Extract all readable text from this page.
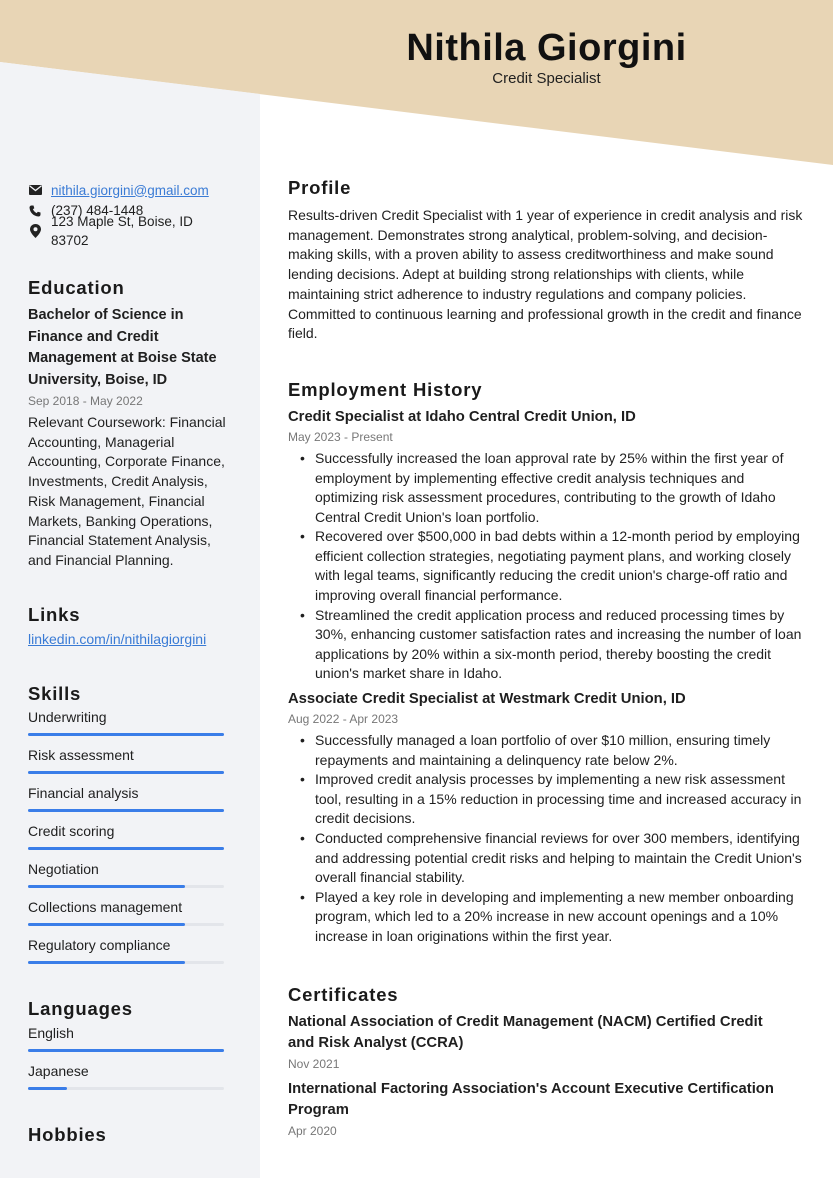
Nithila Giorgini
Credit Specialist
nithila.giorgini@gmail.com
(237) 484-1448
123 Maple St, Boise, ID 83702
Education
Bachelor of Science in Finance and Credit Management at Boise State University, Boise, ID
Sep 2018 - May 2022
Relevant Coursework: Financial Accounting, Managerial Accounting, Corporate Finance, Investments, Credit Analysis, Risk Management, Financial Markets, Banking Operations, Financial Statement Analysis, and Financial Planning.
Links
linkedin.com/in/nithilagiorgini
Skills
Underwriting
Risk assessment
Financial analysis
Credit scoring
Negotiation
Collections management
Regulatory compliance
Languages
English
Japanese
Hobbies
Profile
Results-driven Credit Specialist with 1 year of experience in credit analysis and risk management. Demonstrates strong analytical, problem-solving, and decision-making skills, with a proven ability to assess creditworthiness and make sound lending decisions. Adept at building strong relationships with clients, while maintaining strict adherence to industry regulations and company policies. Committed to continuous learning and professional growth in the credit and finance field.
Employment History
Credit Specialist at Idaho Central Credit Union, ID
May 2023 - Present
• Successfully increased the loan approval rate by 25% within the first year of employment by implementing effective credit analysis techniques and optimizing risk assessment procedures, contributing to the growth of Idaho Central Credit Union's loan portfolio.
• Recovered over $500,000 in bad debts within a 12-month period by employing efficient collection strategies, negotiating payment plans, and working closely with legal teams, significantly reducing the credit union's charge-off ratio and improving overall financial performance.
• Streamlined the credit application process and reduced processing times by 30%, enhancing customer satisfaction rates and increasing the number of loan applications by 20% within a six-month period, thereby boosting the credit union's market share in Idaho.
Associate Credit Specialist at Westmark Credit Union, ID
Aug 2022 - Apr 2023
• Successfully managed a loan portfolio of over $10 million, ensuring timely repayments and maintaining a delinquency rate below 2%.
• Improved credit analysis processes by implementing a new risk assessment tool, resulting in a 15% reduction in processing time and increased accuracy in credit decisions.
• Conducted comprehensive financial reviews for over 300 members, identifying and addressing potential credit risks and helping to maintain the Credit Union's overall financial stability.
• Played a key role in developing and implementing a new member onboarding program, which led to a 20% increase in new account openings and a 10% increase in loan originations within the first year.
Certificates
National Association of Credit Management (NACM) Certified Credit and Risk Analyst (CCRA)
Nov 2021
International Factoring Association's Account Executive Certification Program
Apr 2020
